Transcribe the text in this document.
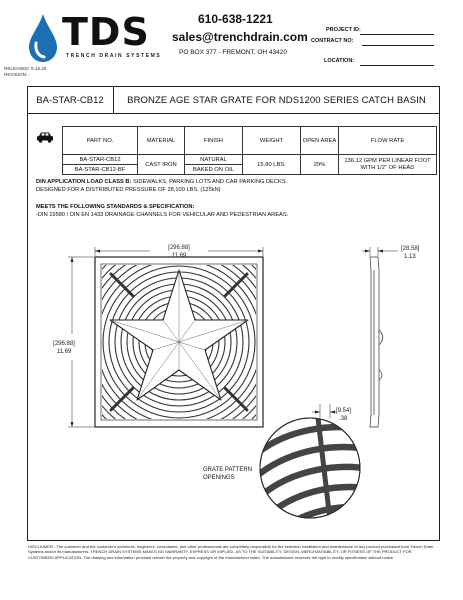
TDS
TRENCH DRAIN SYSTEMS
610-638-1221
sales@trenchdrain.com
PO BOX 377 - FREMONT, OH 43420
RELEASED: 8.15.25
REVISION: -
PROJECT ID:
CONTRACT NO:
LOCATION:
BA-STAR-CB12	BRONZE AGE STAR GRATE FOR NDS1200 SERIES CATCH BASIN
PART NO.	MATERIAL	FINISH	WEIGHT	OPEN AREA	FLOW RATE
BA-STAR-CB12	CAST IRON	NATURAL	15.80 LBS.	29%	136.12 GPM PER LINEAR FOOT WITH 1/2" OF HEAD
BA-STAR-CB12-BF		BAKED ON OIL			
DIN APPLICATION LOAD CLASS B: SIDEWALKS, PARKING LOTS AND CAR PARKING DECKS.
DESIGNED FOR A DISTRIBUTED PRESSURE OF 28,100 LBS. (125kN)
MEETS THE FOLLOWING STANDARDS & SPECIFICATION:
-DIN 19580 / DIN EN 1433 DRAINAGE CHANNELS FOR VEHICULAR AND PEDESTRIAN AREAS.
[296.88]
11.69
[296.88]
11.69
[28.58]
1.13
[9.54]
.38
GRATE PATTERN
OPENINGS
DISCLAIMER - The customer and the customer's architects, engineers, consultants, and other professionals are completely responsible for the selection installation and maintenance of any product purchased from Trench Drain Systems and/or its manufacturers. TRENCH DRAIN SYSTEMS MAKES NO WARRANTY, EXPRESS OR IMPLIED, AS TO THE SUITABILITY, DESIGN, MERCHANTABILITY, OR FITNESS OF THE PRODUCT FOR CUSTOMERS APPLICATION. The drawing and information provided remain the property and copyright of the manufacturer listed. The manufacturer reserves the right to modify specification without notice.
